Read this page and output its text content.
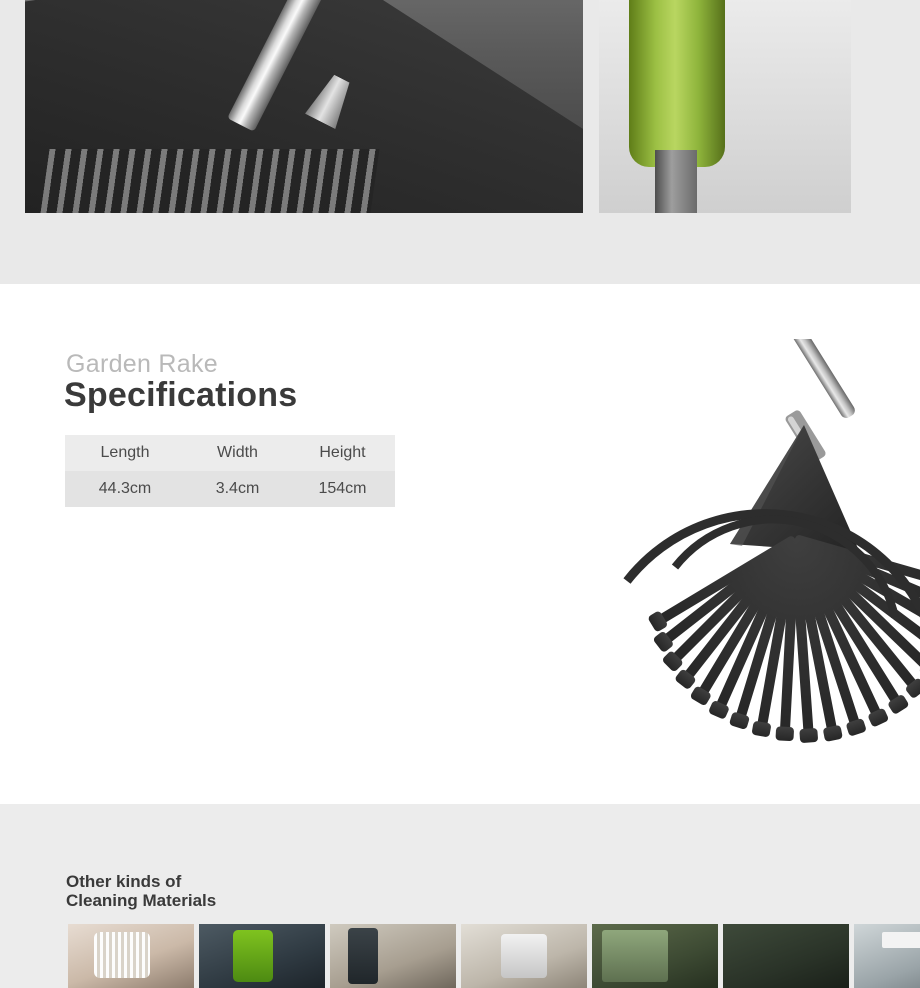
Garden Rake
Specifications
Length	Width	Height
44.3cm	3.4cm	154cm
Other kinds of
Cleaning Materials
